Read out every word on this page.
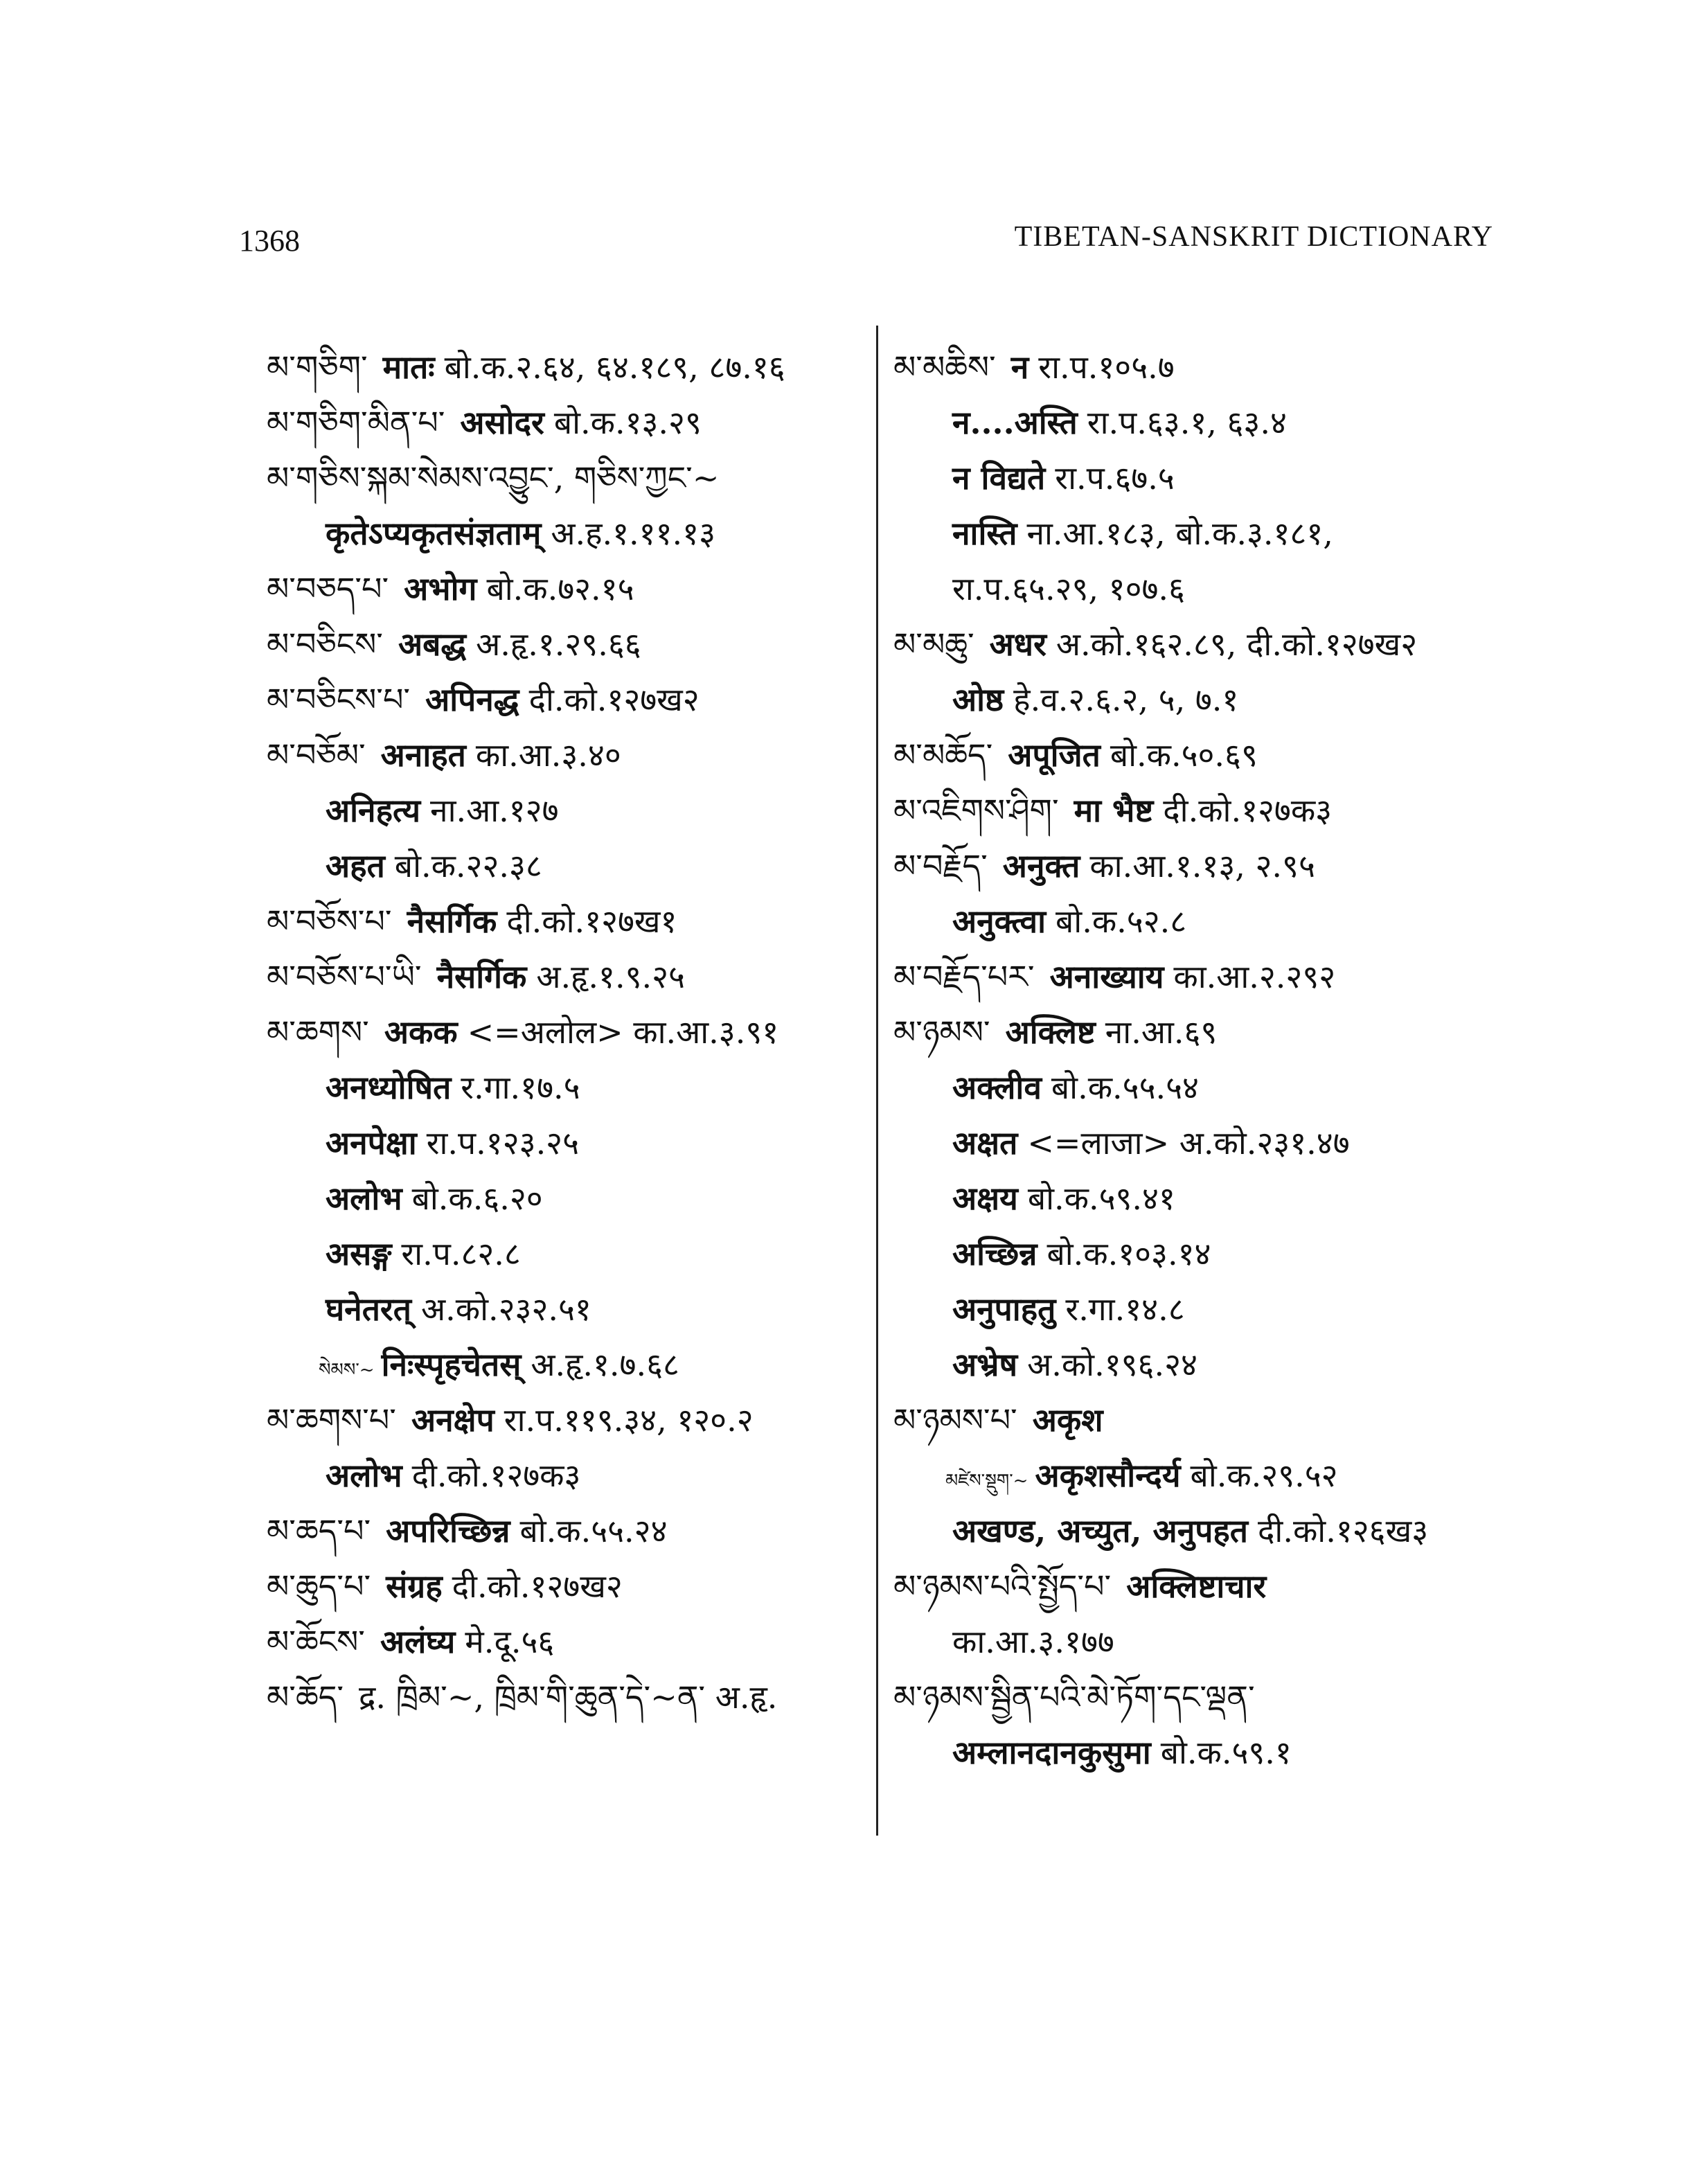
1368	TIBETAN-SANSKRIT DICTIONARY
མ་གཅིག་ मातः बो.क.२.६४, ६४.१८९, ८७.१६
མ་གཅིག་མིན་པ་ असोदर बो.क.१३.२९
མ་གཅིས་སྐམ་སེམས་འབྱུང་, གཅིས་ཀྱང་~
कृतेऽप्यकृतसंज्ञताम् अ.ह.१.११.१३
མ་བཅད་པ་ अभोग बो.क.७२.१५
མ་བཅིངས་ अबद्ध अ.हृ.१.२९.६६
མ་བཅིངས་པ་ अपिनद्ध दी.को.१२७ख२
མ་བཅོམ་ अनाहत का.आ.३.४०
अनिहत्य ना.आ.१२७
अहत बो.क.२२.३८
མ་བཅོས་པ་ नैसर्गिक दी.को.१२७ख१
མ་བཅོས་པ་ཡི་ नैसर्गिक अ.हृ.१.९.२५
མ་ཆགས་ अकक <=अलोल> का.आ.३.९१
अनध्योषित र.गा.१७.५
अनपेक्षा रा.प.१२३.२५
अलोभ बो.क.६.२०
असङ्ग रा.प.८२.८
घनेतरत् अ.को.२३२.५१
སེམས་~ निःस्पृहचेतस् अ.हृ.१.७.६८
མ་ཆགས་པ་ अनक्षेप रा.प.११९.३४, १२०.२
अलोभ दी.को.१२७क३
མ་ཆད་པ་ अपरिच्छिन्न बो.क.५५.२४
མ་ཆུད་པ་ संग्रह दी.को.१२७ख२
མ་ཆོངས་ अलंघ्य मे.दू.५६
མ་ཆོད་ द्र. ཁྲིམ་~, ཁྲིམ་གི་ཆུན་དེ་~ན་ अ.हृ.
མ་མཆིས་ न रा.प.१०५.७
न....अस्ति रा.प.६३.१, ६३.४
न विद्यते रा.प.६७.५
नास्ति ना.आ.१८३, बो.क.३.१८१,
रा.प.६५.२९, १०७.६
མ་མཆུ་ अधर अ.को.१६२.८९, दी.को.१२७ख२
ओष्ठ हे.व.२.६.२, ५, ७.१
མ་མཆོད་ अपूजित बो.क.५०.६९
མ་འཇིགས་ཤིག་ मा भैष्ट दी.को.१२७क३
མ་བརྗོད་ अनुक्त का.आ.१.१३, २.९५
अनुक्त्वा बो.क.५२.८
མ་བརྗོད་པར་ अनाख्याय का.आ.२.२९२
མ་ཉམས་ अक्लिष्ट ना.आ.६९
अक्लीव बो.क.५५.५४
अक्षत <=लाजा> अ.को.२३१.४७
अक्षय बो.क.५९.४१
अच्छिन्न बो.क.१०३.१४
अनुपाहतु र.गा.१४.८
अभ्रेष अ.को.१९६.२४
མ་ཉམས་པ་ अकृश
མཛེས་སྡུག་~ अकृशसौन्दर्य बो.क.२९.५२
अखण्ड, अच्युत, अनुपहत दी.को.१२६ख३
མ་ཉམས་པའི་སྤྱོད་པ་ अक्लिष्टाचार
का.आ.३.१७७
མ་ཉམས་སྦྱིན་པའི་མེ་ཏོག་དང་ལྡན་
अम्लानदानकुसुमा बो.क.५९.१
